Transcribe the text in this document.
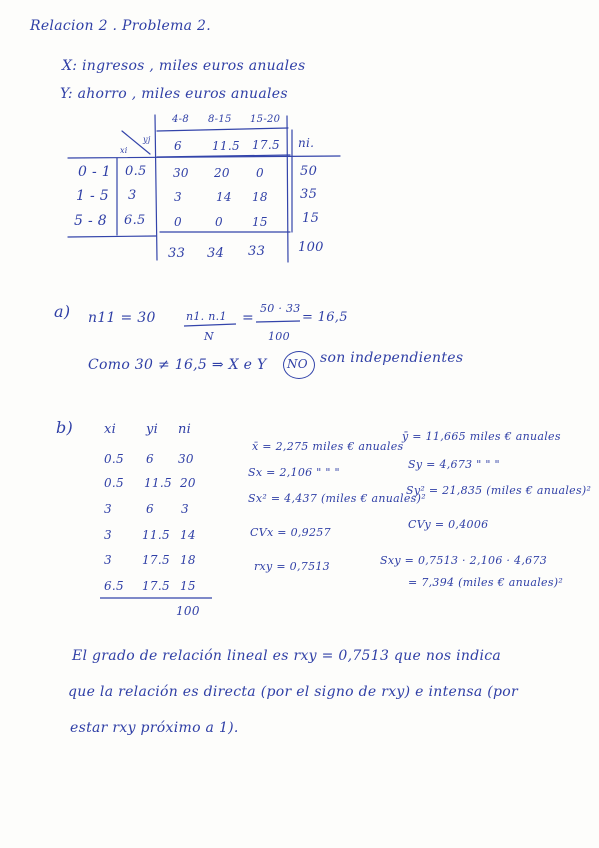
Relacion 2 . Problema 2.
X: ingresos , miles euros anuales
Y: ahorro , miles euros anuales
4-8 8-15 15-20
xi
yj 6	11.5 17.5 ni.
0 - 1 0.5 30 20 0	50
1 - 5 3	3	14 18 35
5 - 8 6.5 0	0 15	15
33 34 33	100
a) n11 = 30	n1. n.1
N
=
50 · 33
100
= 16,5
Como 30 ≠ 16,5 ⇒ X e Y NO son independientes
b) xi yi ni
0.5 6 30
0.5 11.5 20
3	6 3
3	11.5 14
3	17.5 18
6.5 17.5 15
100
x̄ = 2,275 miles € anuales
ȳ = 11,665 miles € anuales
Sx = 2,106 " " "
Sy = 4,673 " " "
Sx² = 4,437 (miles € anuales)²
Sy² = 21,835 (miles € anuales)²
CVx = 0,9257
CVy = 0,4006
rxy = 0,7513	Sxy = 0,7513 · 2,106 · 4,673
= 7,394 (miles € anuales)²
El grado de relación lineal es rxy = 0,7513 que nos indica
que la relación es directa (por el signo de rxy) e intensa (por
estar rxy próximo a 1).
